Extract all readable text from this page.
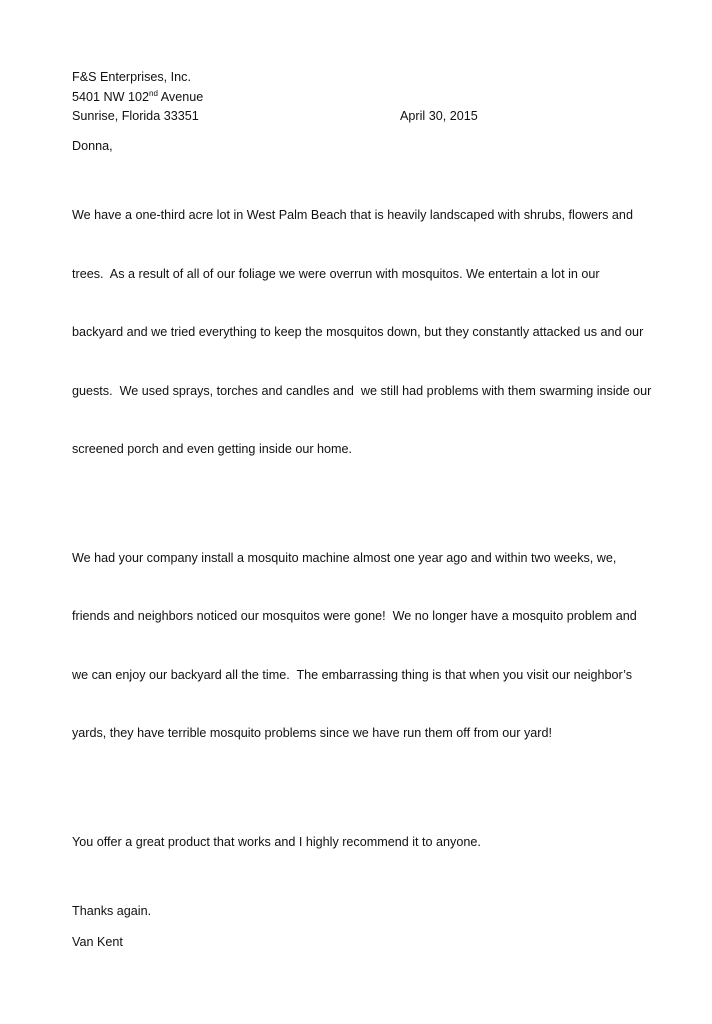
F&S Enterprises, Inc.
5401 NW 102nd Avenue
Sunrise, Florida 33351	April 30, 2015

Donna,

We have a one-third acre lot in West Palm Beach that is heavily landscaped with shrubs, flowers and

trees.  As a result of all of our foliage we were overrun with mosquitos. We entertain a lot in our

backyard and we tried everything to keep the mosquitos down, but they constantly attacked us and our

guests.  We used sprays, torches and candles and  we still had problems with them swarming inside our

screened porch and even getting inside our home.

We had your company install a mosquito machine almost one year ago and within two weeks, we,

friends and neighbors noticed our mosquitos were gone!  We no longer have a mosquito problem and

we can enjoy our backyard all the time.  The embarrassing thing is that when you visit our neighbor’s

yards, they have terrible mosquito problems since we have run them off from our yard!

You offer a great product that works and I highly recommend it to anyone.

Thanks again.

Van Kent
